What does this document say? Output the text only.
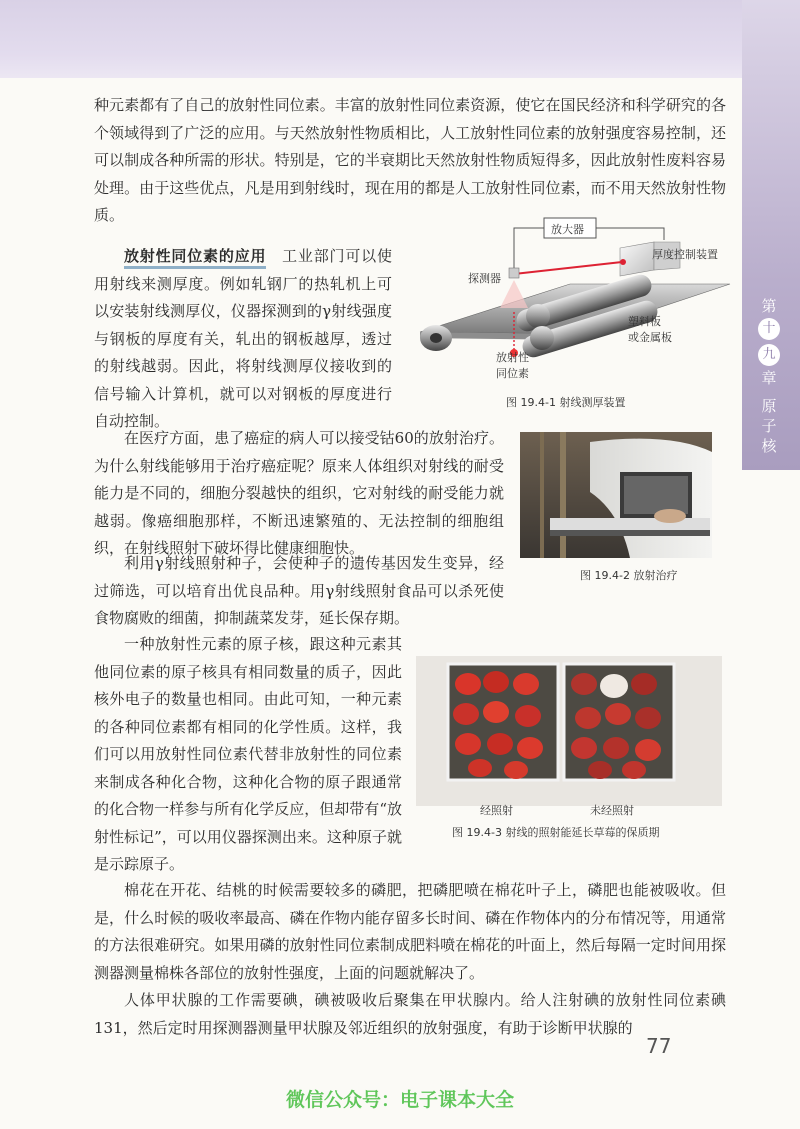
第
十
九
章
原
子
核

种元素都有了自己的放射性同位素。丰富的放射性同位素资源，使它在国民经济和科学研究的各个领域得到了广泛的应用。与天然放射性物质相比，人工放射性同位素的放射强度容易控制，还可以制成各种所需的形状。特别是，它的半衰期比天然放射性物质短得多，因此放射性废料容易处理。由于这些优点，凡是用到射线时，现在用的都是人工放射性同位素，而不用天然放射性物质。

放射性同位素的应用　 工业部门可以使用射线来测厚度。例如轧钢厂的热轧机上可以安装射线测厚仪，仪器探测到的γ射线强度与钢板的厚度有关，轧出的钢板越厚，透过的射线越弱。因此，将射线测厚仪接收到的信号输入计算机，就可以对钢板的厚度进行自动控制。

放大器
厚度控制装置
探测器
塑料板
或金属板
放射性
同位素
图 19.4-1 射线测厚装置

在医疗方面，患了癌症的病人可以接受钴60的放射治疗。为什么射线能够用于治疗癌症呢？原来人体组织对射线的耐受能力是不同的，细胞分裂越快的组织，它对射线的耐受能力就越弱。像癌细胞那样，不断迅速繁殖的、无法控制的细胞组织，在射线照射下破坏得比健康细胞快。

图 19.4-2 放射治疗

利用γ射线照射种子，会使种子的遗传基因发生变异，经过筛选，可以培育出优良品种。用γ射线照射食品可以杀死使食物腐败的细菌，抑制蔬菜发芽，延长保存期。

一种放射性元素的原子核，跟这种元素其他同位素的原子核具有相同数量的质子，因此核外电子的数量也相同。由此可知，一种元素的各种同位素都有相同的化学性质。这样，我们可以用放射性同位素代替非放射性的同位素来制成各种化合物，这种化合物的原子跟通常的化合物一样参与所有化学反应，但却带有“放射性标记”，可以用仪器探测出来。这种原子就是示踪原子。

经照射	未经照射
图 19.4-3 射线的照射能延长草莓的保质期

棉花在开花、结桃的时候需要较多的磷肥，把磷肥喷在棉花叶子上，磷肥也能被吸收。但是，什么时候的吸收率最高、磷在作物内能存留多长时间、磷在作物体内的分布情况等，用通常的方法很难研究。如果用磷的放射性同位素制成肥料喷在棉花的叶面上，然后每隔一定时间用探测器测量棉株各部位的放射性强度，上面的问题就解决了。

人体甲状腺的工作需要碘，碘被吸收后聚集在甲状腺内。给人注射碘的放射性同位素碘131，然后定时用探测器测量甲状腺及邻近组织的放射强度，有助于诊断甲状腺的

77
微信公众号：电子课本大全
